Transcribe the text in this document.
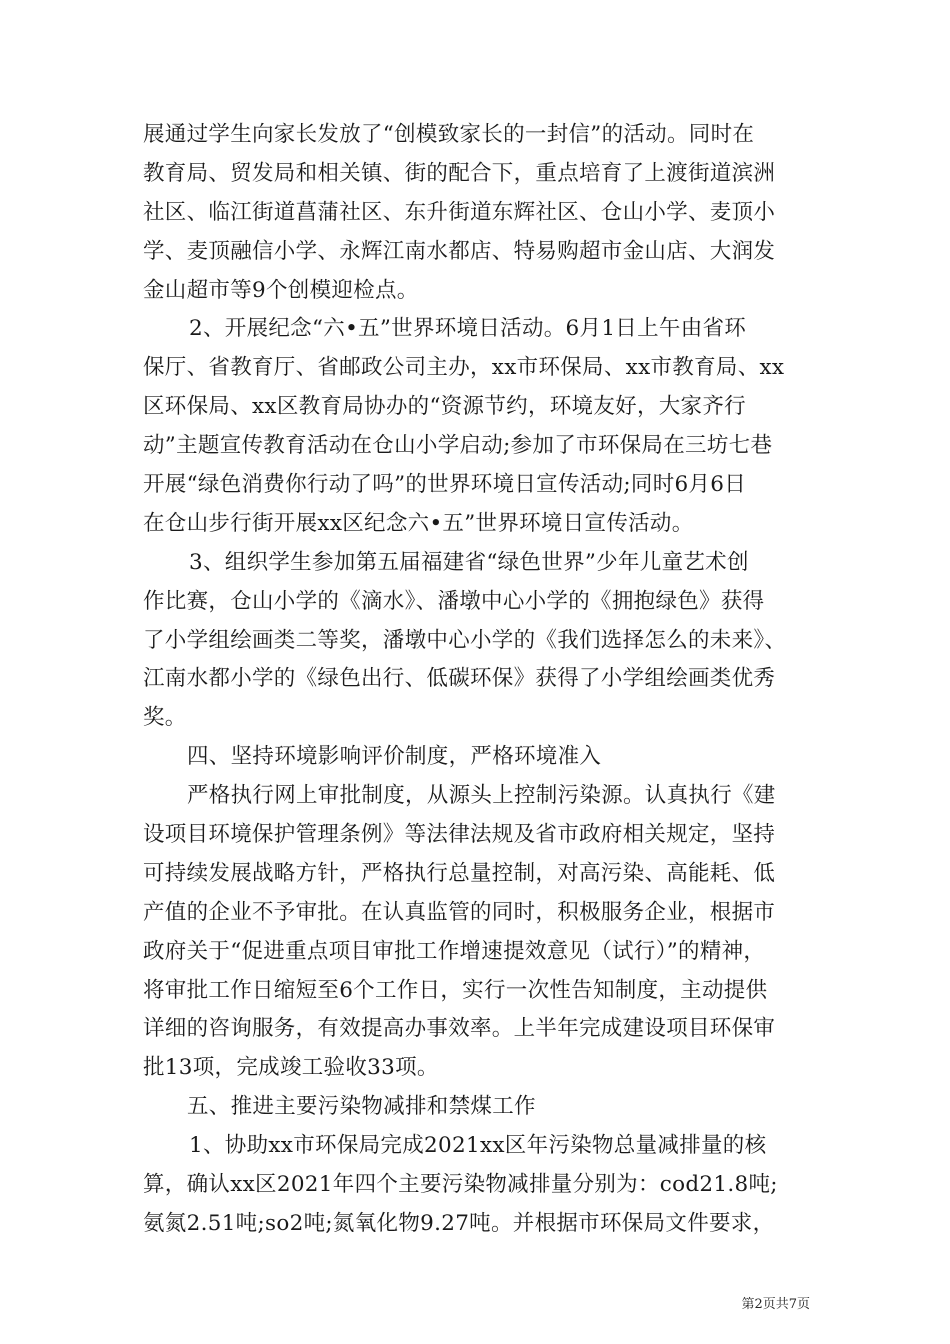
展通过学生向家长发放了“创模致家长的一封信”的活动。同时在
教育局、贸发局和相关镇、街的配合下，重点培育了上渡街道滨洲
社区、临江街道菖蒲社区、东升街道东辉社区、仓山小学、麦顶小
学、麦顶融信小学、永辉江南水都店、特易购超市金山店、大润发
金山超市等9个创模迎检点。
2、开展纪念“六•五”世界环境日活动。6月1日上午由省环
保厅、省教育厅、省邮政公司主办，xx市环保局、xx市教育局、xx
区环保局、xx区教育局协办的“资源节约，环境友好，大家齐行
动”主题宣传教育活动在仓山小学启动;参加了市环保局在三坊七巷
开展“绿色消费你行动了吗”的世界环境日宣传活动;同时6月6日
在仓山步行街开展xx区纪念六•五”世界环境日宣传活动。
3、组织学生参加第五届福建省“绿色世界”少年儿童艺术创
作比赛，仓山小学的《滴水》、潘墩中心小学的《拥抱绿色》获得
了小学组绘画类二等奖，潘墩中心小学的《我们选择怎么的未来》、
江南水都小学的《绿色出行、低碳环保》获得了小学组绘画类优秀
奖。
四、坚持环境影响评价制度，严格环境准入
严格执行网上审批制度，从源头上控制污染源。认真执行《建
设项目环境保护管理条例》等法律法规及省市政府相关规定，坚持
可持续发展战略方针，严格执行总量控制，对高污染、高能耗、低
产值的企业不予审批。在认真监管的同时，积极服务企业，根据市
政府关于“促进重点项目审批工作增速提效意见（试行）”的精神，
将审批工作日缩短至6个工作日，实行一次性告知制度，主动提供
详细的咨询服务，有效提高办事效率。上半年完成建设项目环保审
批13项，完成竣工验收33项。
五、推进主要污染物减排和禁煤工作
1、协助xx市环保局完成2021xx区年污染物总量减排量的核
算，确认xx区2021年四个主要污染物减排量分别为：cod21.8吨;
氨氮2.51吨;so2吨;氮氧化物9.27吨。并根据市环保局文件要求，
第2页共7页
